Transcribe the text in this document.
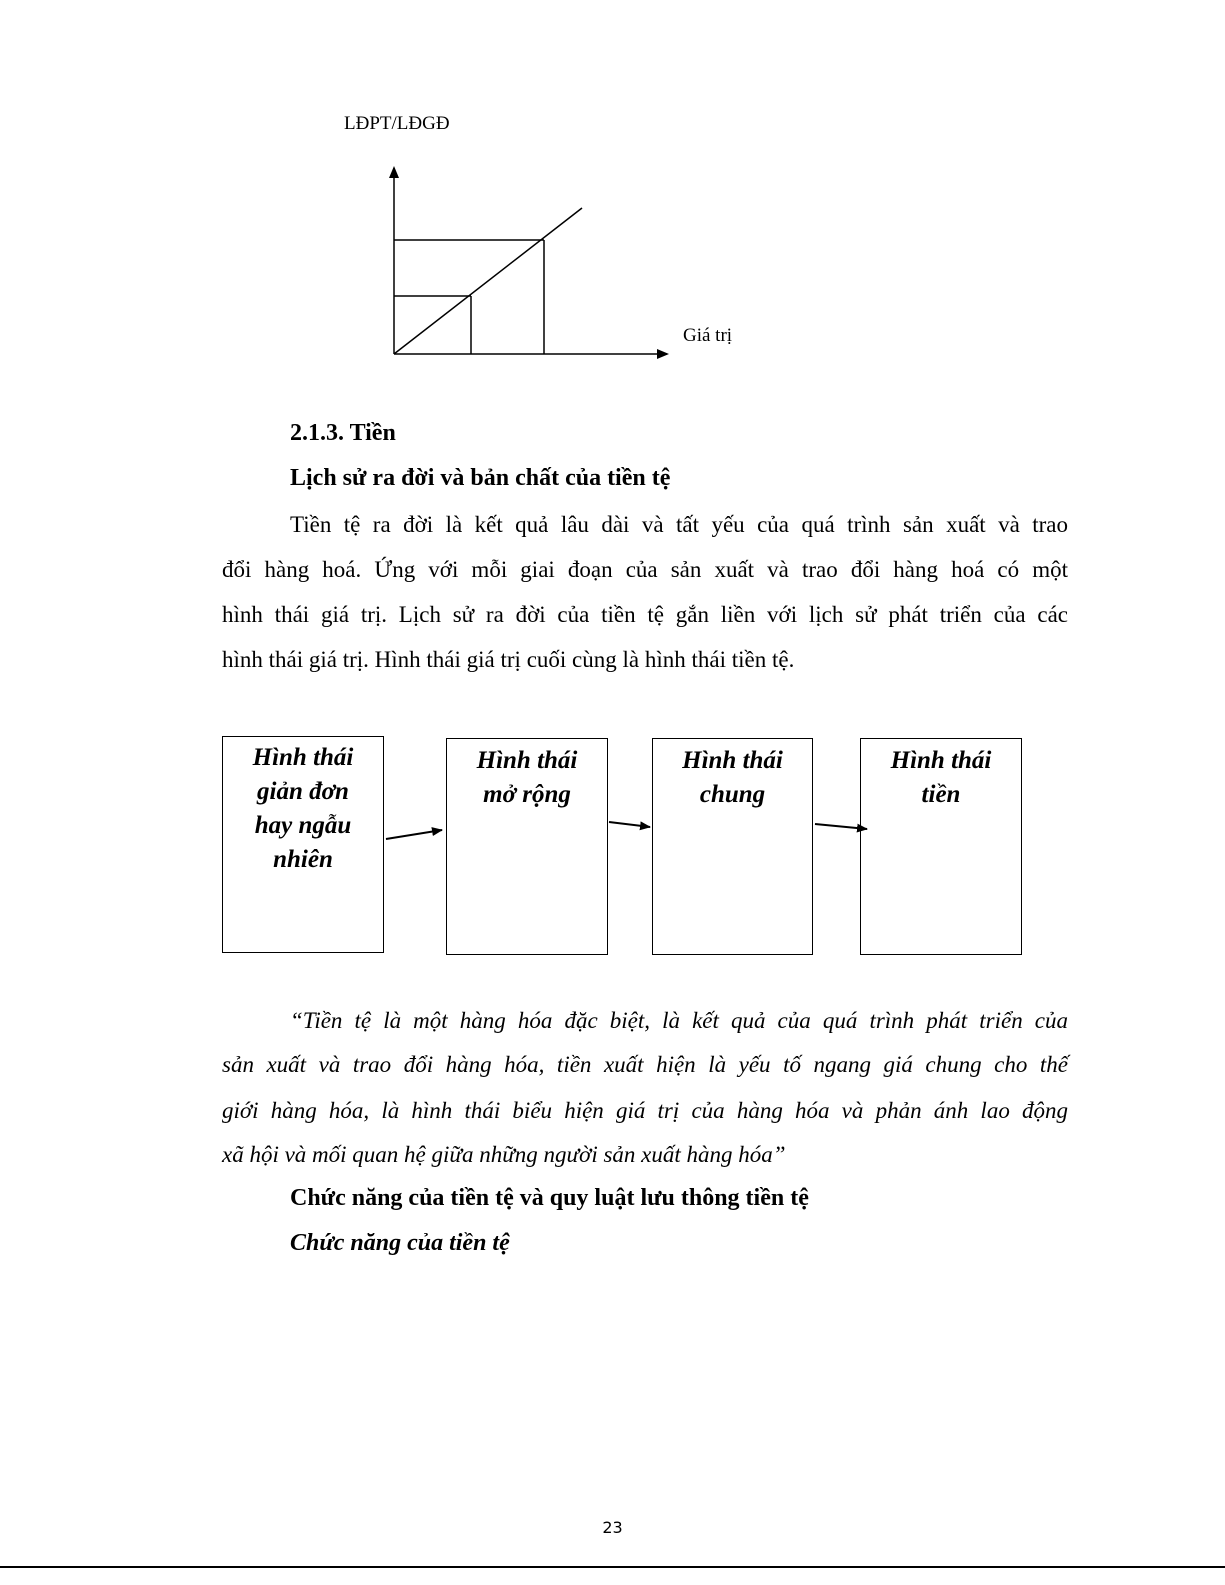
LĐPT/LĐGĐ
Giá trị
2.1.3. Tiền
Lịch sử ra đời và bản chất của tiền tệ
Tiền tệ ra đời là kết quả lâu dài và tất yếu của quá trình sản xuất và trao
đổi hàng hoá. Ứng với mỗi giai đoạn của sản xuất và trao đổi hàng hoá có một
hình thái giá trị. Lịch sử ra đời của tiền tệ gắn liền với lịch sử phát triển của các
hình thái giá trị. Hình thái giá trị cuối cùng là hình thái tiền tệ.
Hình thái
giản đơn
hay ngẫu
nhiên
Hình thái
mở rộng
Hình thái
chung
Hình thái
tiền
“Tiền tệ là một hàng hóa đặc biệt, là kết quả của quá trình phát triển của
sản xuất và trao đổi hàng hóa, tiền xuất hiện là yếu tố ngang giá chung cho thế
giới hàng hóa, là hình thái biểu hiện giá trị của hàng hóa và phản ánh lao động
xã hội và mối quan hệ giữa những người sản xuất hàng hóa”
Chức năng của tiền tệ và quy luật lưu thông tiền tệ
Chức năng của tiền tệ
23
